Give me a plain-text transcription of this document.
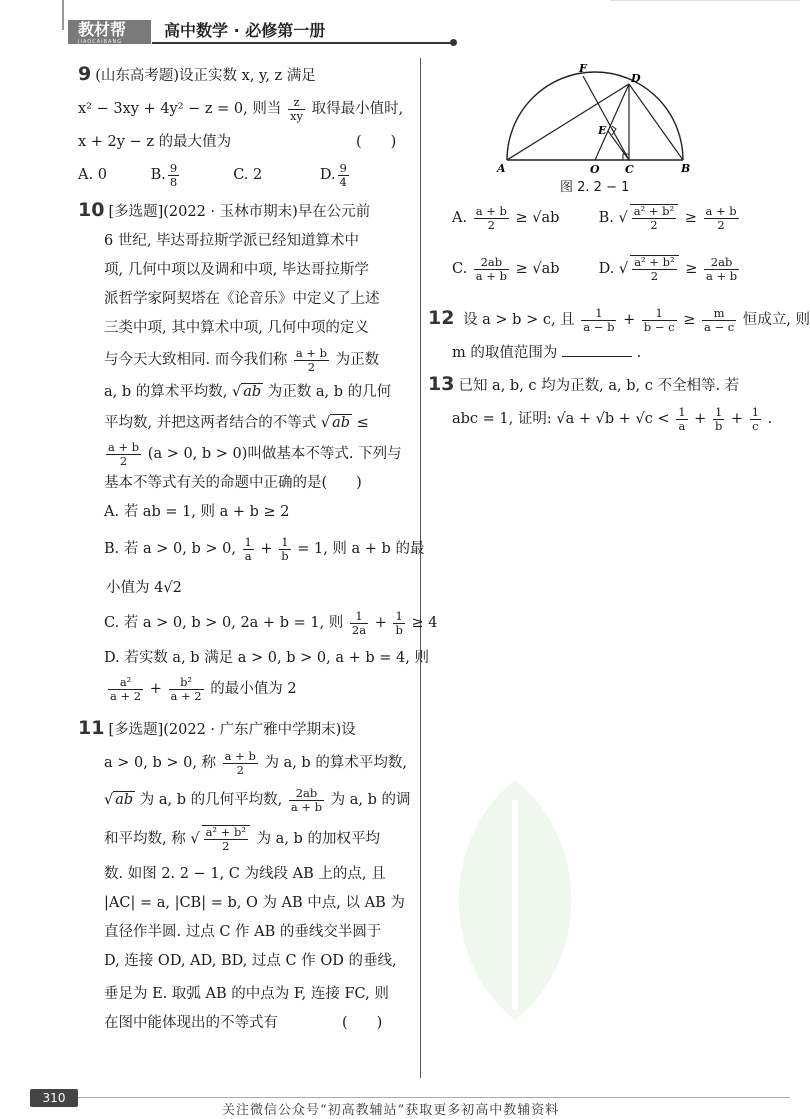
教材帮
JIAOCAIBANG
高中数学 · 必修第一册
9 (山东高考题)设正实数 x, y, z 满足
x² − 3xy + 4y² − z = 0, 则当 $\frac{z}{xy}$ 取得最小值时,
x + 2y − z 的最大值为	(　　)
A. 0	B. $\frac{9}{8}$	C. 2	D. $\frac{9}{4}$
10 [多选题](2022 · 玉林市期末)早在公元前
6 世纪, 毕达哥拉斯学派已经知道算术中
项, 几何中项以及调和中项, 毕达哥拉斯学
派哲学家阿契塔在《论音乐》中定义了上述
三类中项, 其中算术中项, 几何中项的定义
与今天大致相同. 而今我们称 $\frac{a + b}{2}$ 为正数
a, b 的算术平均数, √ ab 为正数 a, b 的几何
平均数, 并把这两者结合的不等式 √ ab ≤
$\frac{a + b}{2} (a > 0$, b > 0)叫做基本不等式. 下列与
基本不等式有关的命题中正确的是(　　)
A. 若 ab = 1, 则 a + b ≥ 2
B. 若 a > 0, b > 0, $\frac{1}{a} + \frac{1}{b} = 1$, 则 a + b 的最
小值为 4√2
C. 若 a > 0, b > 0, 2a + b = 1, 则 $\frac{1}{2a} + \frac{1}{b} \ge 4$
D. 若实数 a, b 满足 a > 0, b > 0, a + b = 4, 则
$\frac{\text{a²}}{a + 2} + \frac{\text{b²}}{a + 2}$ 的最小值为 2
11 [多选题](2022 · 广东广雅中学期末)设
a > 0, b > 0, 称 $\frac{a + b}{2}$ 为 a, b 的算术平均数,
√ ab 为 a, b 的几何平均数, $\frac{2ab}{a + b}$ 为 a, b 的调
和平均数, 称 √ $\frac{\text{a² + b²}}{2}$ 为 a, b 的加权平均
数. 如图 2. 2 − 1, C 为线段 AB 上的点, 且
|AC| = a, |CB| = b, O 为 AB 中点, 以 AB 为
直径作半圆. 过点 C 作 AB 的垂线交半圆于
D, 连接 OD, AD, BD, 过点 C 作 OD 的垂线,
垂足为 E. 取弧 AB 的中点为 F, 连接 FC, 则
在图中能体现出的不等式有	(　　)
F
D
E
A	O C	B
图 2. 2 − 1
A. $\frac{a + b}{2} \ge √ab$	B. √ $\frac{\text{a² + b²}}{2} \ge \frac{a + b}{2}$
C. $\frac{2ab}{a + b} \ge √ab$	D. √ $\frac{\text{a² + b²}}{2} \ge \frac{2ab}{a + b}$
12 设 a > b > c, 且 $\frac{1}{a - b} + \frac{1}{b - c} \ge \frac{m}{a - c}$ 恒成立, 则
m 的取值范围为	.
13 已知 a, b, c 均为正数, a, b, c 不全相等. 若
abc = 1, 证明: $√a + √b + √c < \frac{1}{a} + \frac{1}{b} + \frac{1}{c}$ .
310
关注微信公众号“初高教辅站”获取更多初高中教辅资料
